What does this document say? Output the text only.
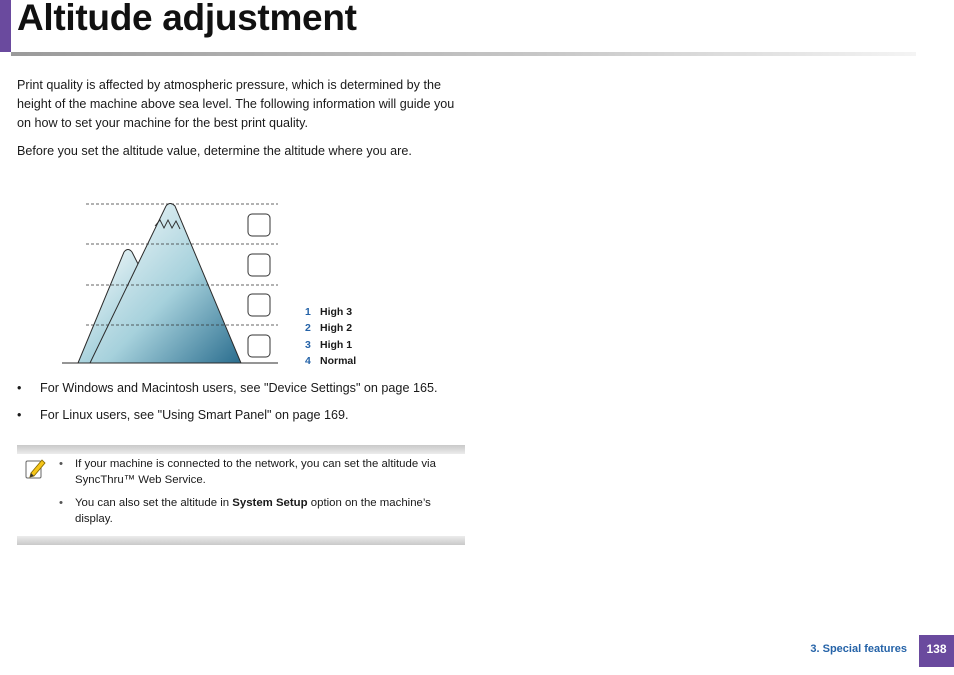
Altitude adjustment

Print quality is affected by atmospheric pressure, which is determined by the height of the machine above sea level. The following information will guide you on how to set your machine for the best print quality.

Before you set the altitude value, determine the altitude where you are.

1 High 3
2 High 2
3 High 1
4 Normal
• For Windows and Macintosh users, see "Device Settings" on page 165.
• For Linux users, see "Using Smart Panel" on page 169.
• If your machine is connected to the network, you can set the altitude via SyncThru™ Web Service.
• You can also set the altitude in System Setup option on the machine’s display.
3. Special features	138
